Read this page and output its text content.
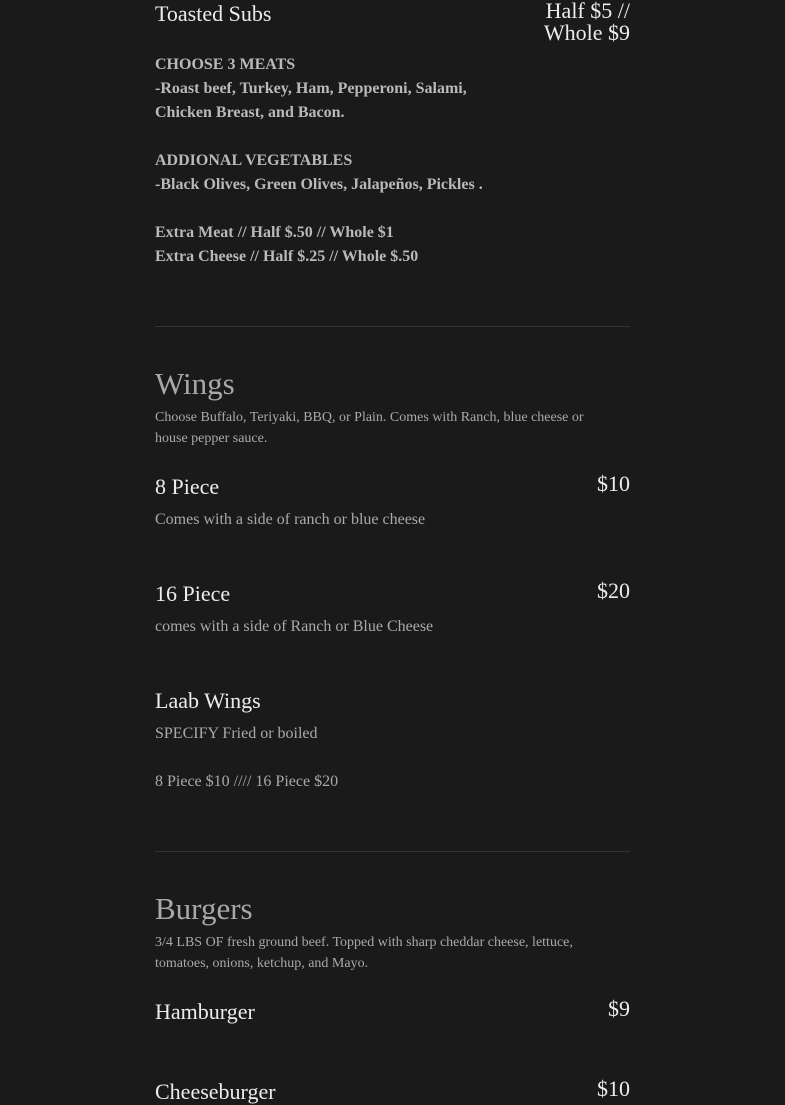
Toasted Subs	Half $5 //
Whole $9
CHOOSE 3 MEATS
-Roast beef, Turkey, Ham, Pepperoni, Salami,
Chicken Breast, and Bacon.
ADDIONAL VEGETABLES
-Black Olives, Green Olives, Jalapeños, Pickles .
Extra Meat // Half $.50 // Whole $1
Extra Cheese // Half $.25 // Whole $.50
Wings
Choose Buffalo, Teriyaki, BBQ, or Plain. Comes with Ranch, blue cheese or
house pepper sauce.
8 Piece	$10
Comes with a side of ranch or blue cheese
16 Piece	$20
comes with a side of Ranch or Blue Cheese
Laab Wings
SPECIFY Fried or boiled
8 Piece $10 //// 16 Piece $20
Burgers
3/4 LBS OF fresh ground beef. Topped with sharp cheddar cheese, lettuce,
tomatoes, onions, ketchup, and Mayo.
Hamburger	$9
Cheeseburger	$10
